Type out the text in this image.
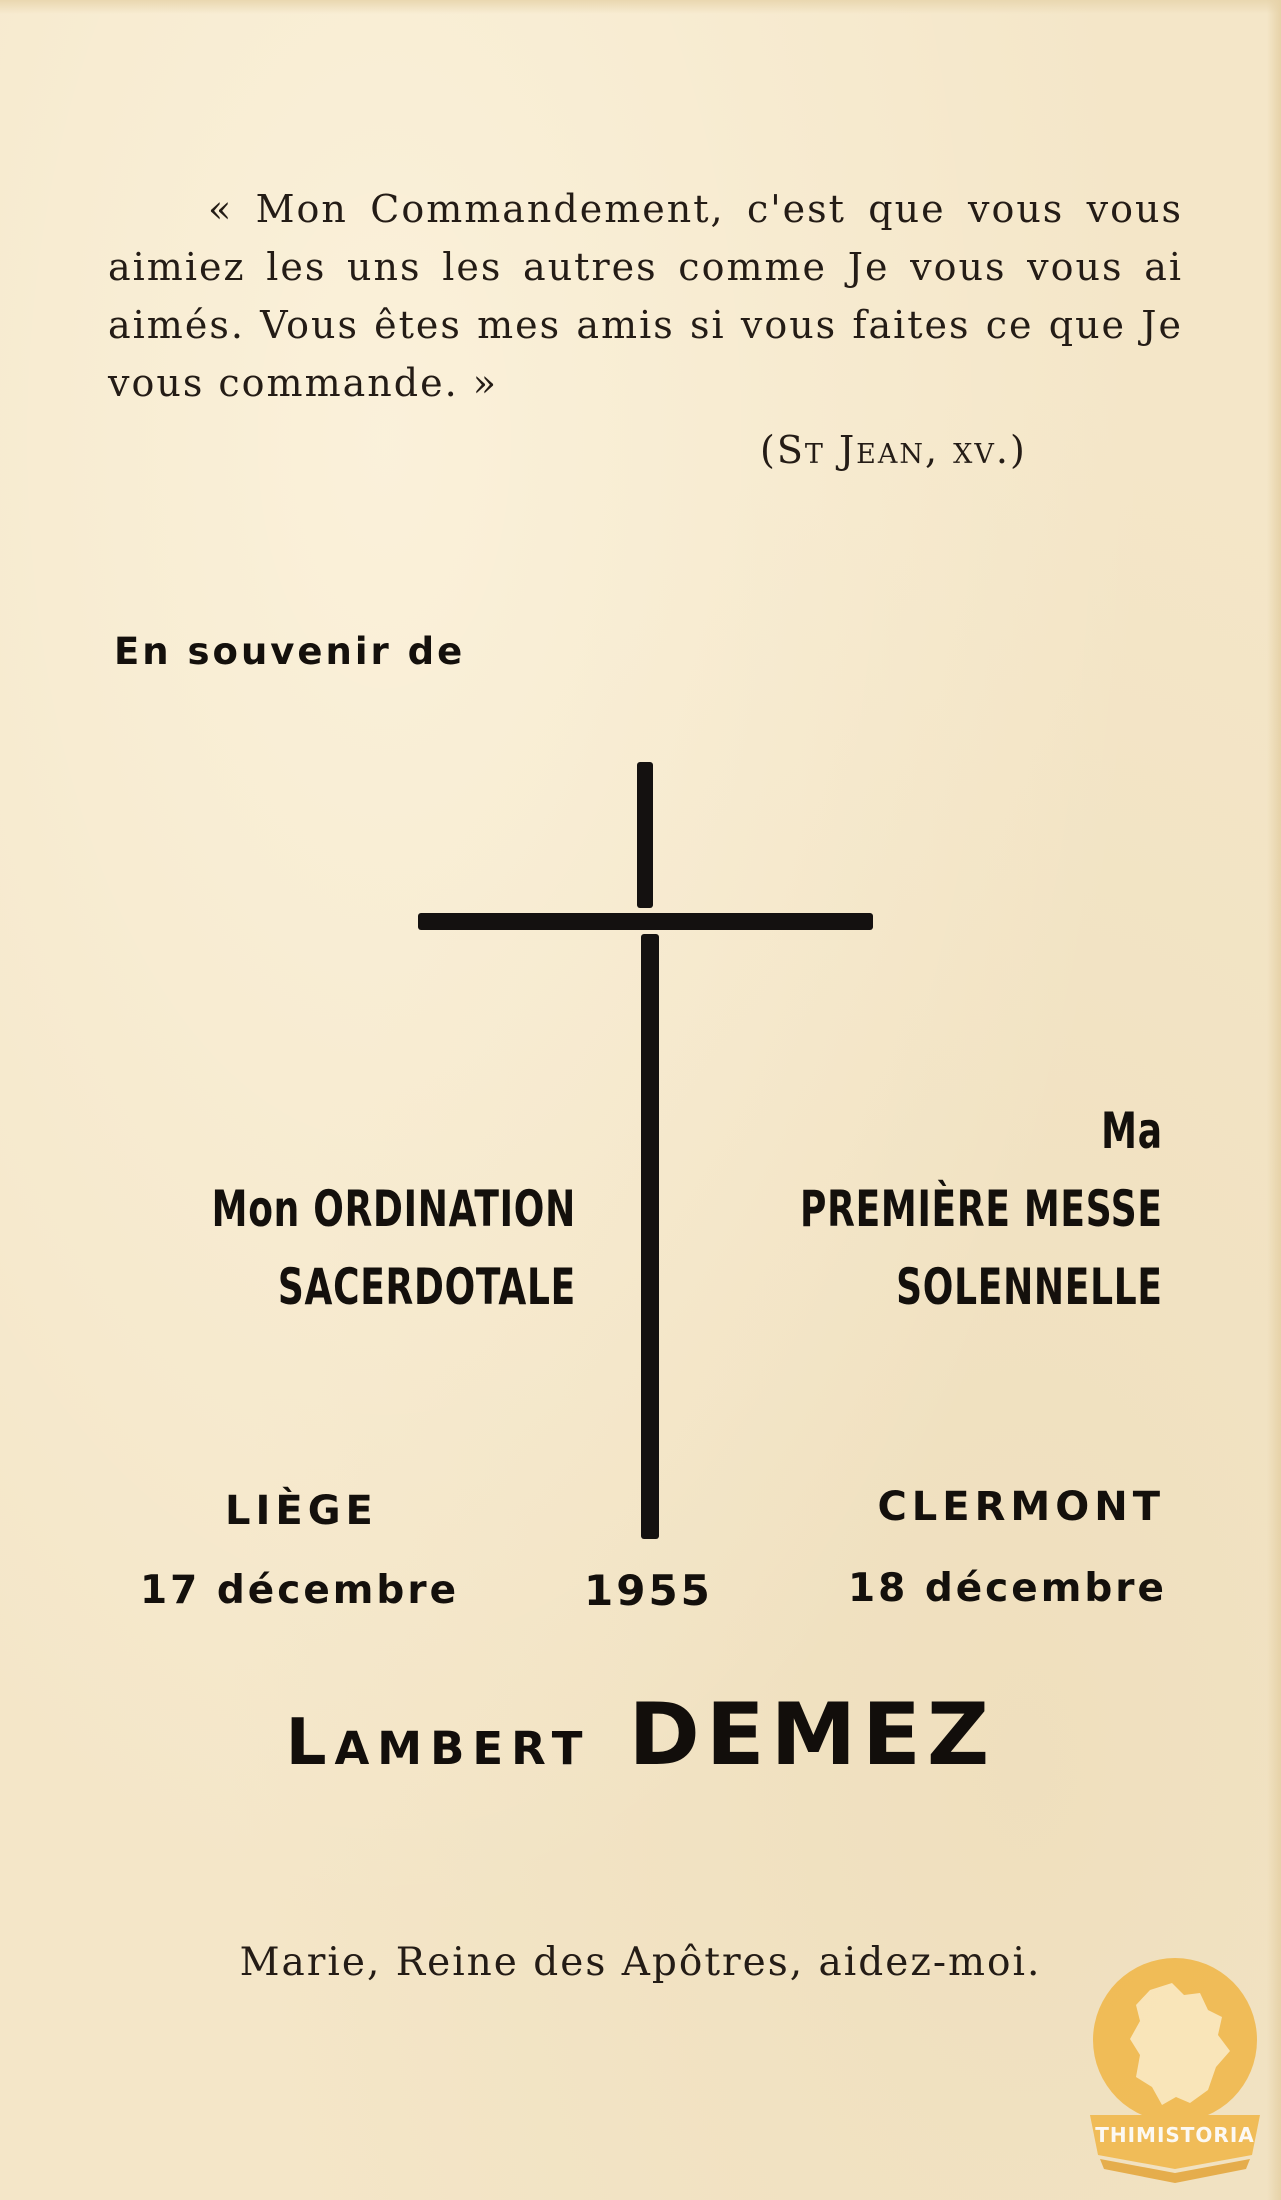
« Mon Commandement, c'est que vous vous aimiez les uns les autres comme Je vous vous ai aimés. Vous êtes mes amis si vous faites ce que Je vous commande. »

(St Jean, xv.)
En souvenir de
Mon ORDINATION
SACERDOTALE
Ma
PREMIÈRE MESSE
SOLENNELLE
LIÈGE	CLERMONT
17 décembre	1955	18 décembre
Lambert DEMEZ
Marie, Reine des Apôtres, aidez-moi.
THIMISTORIA
